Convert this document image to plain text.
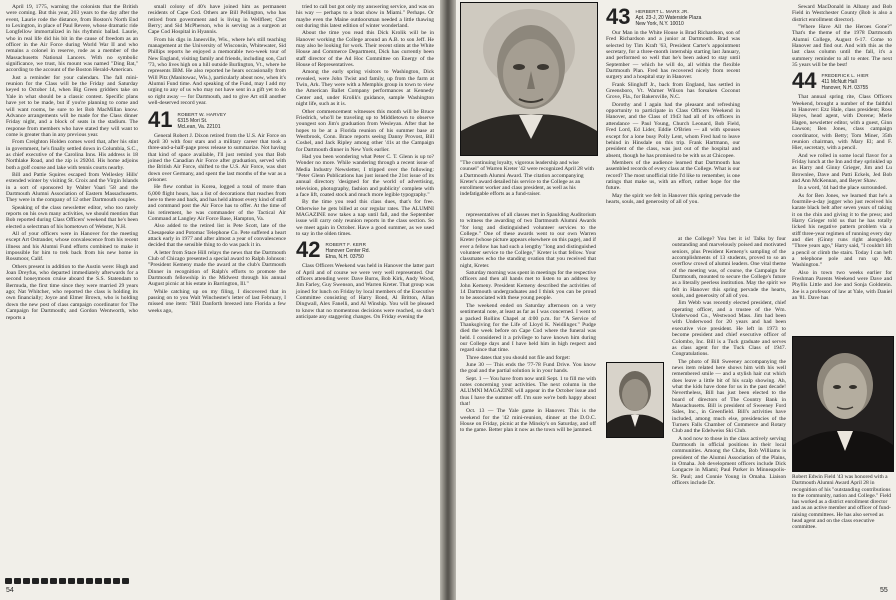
April 19, 1775, warning the colonists that the British were coming. But this year, 203 years to the day after the event, Laurie rode the distance, from Boston's North End to Lexington, in place of Paul Revere, whose dramatic ride Longfellow immortalized in his rhythmic ballad. Laurie, who in real life did his bit in the cause of freedom as an officer in the Air Force during World War II and who remains a colonel in reserve, rode as a member of the Massachusetts National Lancers. With no symbolic significance, we trust, his mount was named "Ding Bat," according to the account of the Boston Herald-American.

Just a reminder for your calendars. The fall mini-reunion for the Class will be the Friday and Saturday keyed to October 14, when Big Green gridders take on Yale in what should be a classic contest. Specific plans have yet to be made, but if you're planning to come and will want rooms, be sure to let Bob MacMillan know. Advance arrangements will be made for the Class dinner Friday night, and a block of seats in the stadium. The response from members who have stated they will want to come is greater than in any previous year.

From Creighton Holden comes word that, after his stint in government, he's finally settled down in Columbia, S.C., as chief executive of the Carolina Inns. His address is 18 Northlake Road, and the zip is 29204. His home adjoins both a golf course and lake with tennis courts nearby.

Bill and Pattie Squires escaped from Wellesley Hills' extended winter by visiting St. Croix and the Virgin Islands in a sort of sponsored by Walter Vaari '58 and the Dartmouth Alumni Association of Eastern Massachusetts. They were in the company of 12 other Dartmouth couples.

Speaking of the class newsletter editor, who too rarely reports on his own many activities, we should mention that Bob reported during Class Officers' weekend that he's been elected a selectman of his hometown of Webster, N.H.

All of your officers were in Hanover for the meeting except Art Ostrander, whose convalescence from his recent illness and his Alumni Fund efforts combined to make it impossible for him to trek back from his new home in Rossmoor, Calif.

Others present in addition to the Austin were: Hugh and Joan Dreyfus, who departed immediately afterwards for a second honeymoon cruise aboard the S.S. Statendam to Bermuda, the first time since they were married 29 years ago; Nat Whitcher, who reported the class is holding its own financially; Joyce and Elmer Brown, who is holding down the new post of class campaign coordinator for The Campaign for Dartmouth; and Gordon Wentworth, who reports a

small colony of 40's have joined him as permanent residents of Cape Cod. Others are Bill Pellington, who has retired from government and is living in Wellfleet; Chet Berry; and Sid McPherson, who is serving as a surgeon at Cape Cod Hospital in Hyannis.

From his digs in Janesville, Wis., where he's still teaching management at the University of Wisconsin, Whitewater, Sid Phillips reports he enjoyed a memorable two-week tour of New England, visiting family and friends, including son, Carl '73, who lives high on a hill outside Burlington, Vt., where he represents IBM. He also reported he hears occasionally from Will Pitz (Manitowac, Wis.), particularly about now, when it's Alumni Fund time. And speaking of the Fund, may I add my urging to any of us who may not have sent in a gift yet to do so right away — for Dartmouth, and to give Art still another well-deserved record year.

41 ROBERT W. HARVEY
6315 Mori St.
McLean, Va. 22101

General Robert J. Dixon retired from the U.S. Air Force on April 30 with four stars and a military career that took a three-and-a-half-page press release to summarize. Not having that kind of space available, I'll just remind you that Bob joined the Canadian Air Force after graduation, served with the British Air Force, shifted to the U.S. Air Force, was shot down over Germany, and spent the last months of the war as a prisoner.

He flew combat in Korea, logged a total of more than 6,000 flight hours, has a list of decorations that reaches from here to there and back, and has held almost every kind of staff and command post the Air Force has to offer. At the time of his retirement, he was commander of the Tactical Air Command at Langley Air Force Base, Hampton, Va.

Also added to the retired list is Pete Scott, late of the Chesapeake and Potomac Telephone Co. Pete suffered a heart attack early in 1977 and after almost a year of convalescence decided that the sensible thing to do was pack it in.

A letter from Stace Hill relays the news that the Dartmouth Club of Chicago presented a special award to Ralph Johnson: "President Kemeny made the award at the club's Dartmouth Dinner in recognition of Ralph's efforts to promote the Dartmouth fellowship in the Midwest through his annual August picnic at his estate in Barrington, Ill."

While catching up on my filing, I discovered that in passing on to you Walt Winchester's letter of last February, I missed one item: "Bill Danforth breezed into Florida a few weeks ago,

tried to call but got only my answering service, and was on his way — perhaps to a boat show in Miami." Perhaps. Or maybe even the Maine outdoorsman needed a little thawing out during this latest edition of winter wonderland.

About the time you read this Dick Krolik will be in Hanover working the College around an A.B. to son Jeff. He may also be looking for work. Their recent stints at the White House and Commerce Department, Dick has currently been staff director of the Ad Hoc Committee on Energy of the House of Representatives.

Among the early spring visitors to Washington, Dick revealed, were John Twist and family, up from the farm at Twin, Ark. They were with a Memphis group in town to view the American Ballet Company performances at Kennedy Center and, under Krolik's guidance, sample Washington night life, such as it is.

Other commencement witnesses this month will be Bruce Friedrich, who'll be traveling up to Middletown to observe youngest son Jim's graduation from Wesleyan. After that he hopes to be at a Florida reunion of his summer base at Westbrook, Conn. Brace reports seeing Danny Provost, Bill Coshel, and Jack Ripley among other '41s at the Campaign for Dartmouth dinner in New York earlier.

Had you been wondering what Peter C. T. Glenn is up to? Wonder no more. While wandering through a recent issue of Media Industry Newsletter, I tripped over the following: "Peter Glenn Publications has just issued the 21st issue of its annual directory 'designed for the world of advertising, television, photography, fashion and publicity' complete with a face lift, coated stock and much more legible typography."

By the time you read this class dues, that's for free. Otherwise he gets billed at our regular rates. The ALUMNI MAGAZINE now takes a nap until fall, and the September issue will carry only reunion reports in the class section. So we meet again in October. Have a good summer, as we used to say in the olden times.

42 ROBERT F. KERR
Hanover Center Rd.
Etna, N.H. 03750

Class Officers Weekend was held in Hanover the latter part of April and of course we were very well represented. Our officers attending were: Dave Burns, Bob Kirk, Andy Wood, Jim Farley, Guy Swenson, and Warren Kreter. That group was joined for lunch on Friday by local members of the Executive Committee consisting of Harry Bond, Al Britton, Allan Dingwall, Alex Fanelli, and Al Winship. You will be pleased to know that no momentous decisions were reached, so don't anticipate any staggering changes. On Friday evening the

54
"The continuing loyalty, vigorous leadership and wise counsel" of Warren Kreter '42 were recognized April 28 with a Dartmouth Alumni Award. The citation accompanying Kreter's award detailed his service to the College as an enrollment worker and class president, as well as his indefatigable efforts as a fund-raiser.
Robert Edwin Field '43 was honored with a Dartmouth Alumni Award April 28 in recognition of his "outstanding contributions to the community, nation and College." Field has worked as a district enrollment director and as an active member and officer of fund-raising committees. He has also served as head agent and on the class executive committee.
43 HERBERT L. MARX JR.
Apt. 23-J, 20 Waterside Plaza
New York, N.Y. 10010

Our Man in the White House is Brad Richardson, son of Fred Richardson and a junior at Dartmouth. Brad was selected by Tim Kraft '63, President Carter's appointment secretary, for a three-month internship starting last January, and performed so well that he's been asked to stay until September — which he will do, all within the flexible Dartmouth Plan. Fred has recovered nicely from recent surgery and a hospital stay in Hanover.

Frank Slingluff Jr., back from England, has settled in Greensboro, Vt. Warner Wilson has forsaken Coconut Grove, Fla., for Bakersville, N.C.

Dorothy and I again had the pleasant and refreshing opportunity to participate in Class Officers Weekend in Hanover, and the Class of 1943 had all of its officers in attendance — Paul Young, Church Leonard, Bob Field, Fred Lord, Ed Lider, Eddie O'Brien — all with spouses except for a lone busy Polly Lent, whom Fred had to leave behind in Hinsdale on this trip. Frank Hartmann, our president of the class, was just out of the hospital and absent, though he has promised to be with us at Chicopee.

Members of the audience learned that Dartmouth has assembled records of every class at the College. What is our record? The most unofficial title I'd like to remember, is one ratings that make us, with an effort, rather hope for the future.

May the spirit we felt in Hanover this spring pervade the hearts, souls, and generosity of all of you.

representatives of all classes met in Spaulding Auditorium to witness the awarding of two Dartmouth Alumni Awards "for long and distinguished volunteer services to the College." One of these awards went to our own Warren Kreter (whose picture appears elsewhere on this page), and if ever a fellow has had such a lengthy "long and distinguished volunteer service to the College," Kreter is that fellow. Your classmates echo the standing ovation that you received that night, Kreter.

Saturday morning was spent in meetings for the respective officers and then all hands met to listen to an address by John Kemeny. President Kemeny described the activities of 14 Dartmouth undergraduates and I think you can be proud to be associated with these young people.

The weekend ended on Saturday afternoon on a very sentimental note, at least as far as I was concerned. I went to a packed Rollins Chapel at 4:00 p.m. for "A Service of Thanksgiving for the Life of Lloyd K. Neidlinger." Pudge died the week before on Cape Cod where the funeral was held. I considered it a privilege to have known him during our College days and I have held him in high respect and regard since that time.

Three dates that you should not file and forget:

June 30 — This ends the '77-78 Fund Drive. You know the goal and the partial solution is in your hands.

Sept. 1 — You have from now until Sept. 1 to fill me with notes concerning your activities. The next column in the ALUMNI MAGAZINE will appear in the October issue and thus I have the summer off. I'm sure we're both happy about that!

Oct. 13 — The Yale game in Hanover. This is the weekend for the '42 mini-reunion, dinner at the D.O.C. House on Friday, picnic at the Minsky's on Saturday, and off to the game. Better plan it now as the town will be jammed.

at the College? You bet it is! Talks by four outstanding and marvelously poised and motivated seniors, plus President Kemeny's sampling of the accomplishments of 13 students, proved to so an overflow crowd of alumni leaders. One vital theme of the meeting was, of course, the Campaign for Dartmouth, mounted to secure the College's future as a literally peerless institution. May the spirit we felt in Hanover this spring pervade the hearts, souls, and generosity of all of you.

Jim Webb was recently elected president, chief operating officer, and a trustee of the Wm. Underwood Co., Westwood Mass. Jim had been with Underwood for 20 years and had been executive vice president. He left in 1973 to become president and chief executive officer of Colombo, Inc. Bill is a Tuck graduate and serves as class agent for the Tuck Class of 1947. Congratulations.

The photo of Bill Sweeney accompanying the news item related here shows him with his well remembered smile — and a stylish hair cut which does leave a little bit of his scalp showing. Ah, what the kids have done for us in the past decade! Nevertheless, Bill has just been elected to the board of directors of The Country Bank in Massachusetts. Bill is president of Sweeney Ford Sales, Inc., in Greenfield. Bill's activities have included, among much else, presidencies of the Turners Falls Chamber of Commerce and Rotary Club and the Edelweiss Ski Club.

A nod now to those in the class actively serving Dartmouth in official positions in their local communities. Among the Clubs, Bob Williams is president of the Alumni Association of the Plains, in Omaha. Job development officers include Dick Longacre in Miami; Paul Parker in Minneapolis-St. Paul; and Connie Young in Omaha. Liaison officers include Dr.

Seward MacDonald in Albany and Bob Field in Westchester County (Bob is also a district enrollment director).

"Where Have All the Heroes Gone?" That's the theme of the 1978 Dartmouth Alumni College, August 6-17. Come to Hanover and find out. And with this as the last class column until the fall, it's a summery reminder to all to enter. The next 35 years will be the best!

44 FREDERICK L. HIER
411 McNutt Hall
Hanover, N.H. 03755

That annual spring rite, Class Officers Weekend, brought a number of the faithful to Hanover: Ezz Hale, class president; Ross Hayes, head agent, with Dorene; Merle Hagen, newsletter editor, with a guest, Ginn Lawson; Ben Jones, class campaign coordinator, with Betty; Tom Miner, 35th reunion chairman, with Mary El; and F. Hier, secretary, with a pencil.

And we rolled in some local flavor for a Friday lunch at the Inn and they sprinkled up as Harry and Ginny Grieger, Jim and Lu Brownlee, Dave and Patti Eckels, Jed Bob and Ann McKennan, and Beyer Shaw.

In a word, '44 had the place surrounded.

As for Ben Jones, we learned that he's a fourmile-a-day jogger who just received his karate black belt after seven years of taking it on the chin and giving it to the press; and Harry Grieger told us that he has totally licked his negative pattern problem via a stiff three-year regimen of running every day and diet (Ginny runs right alongside). "Three years ago," Harry said, "I couldn't lift a pencil or climb the stairs. Today I can heft a telephone pole and run up Mt. Washington."

Also in town two weeks earlier for Freshman Parents Weekend were Dave and Phyllis Little and Joe and Sonja Goldstein. Joe is a professor of law at Yale, with Daniel an '81. Dave has

55
